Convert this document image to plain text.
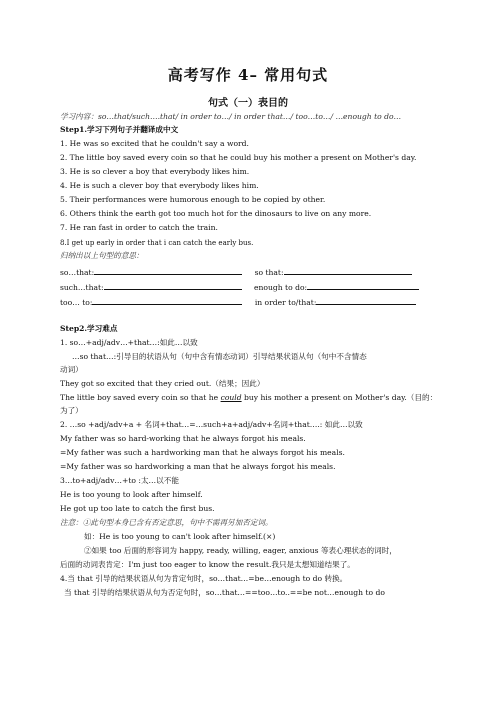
高考写作 4– 常用句式
句式（一）表目的
学习内容：so…that/such….that/ in order to…/ in order that…/ too…to…/ …enough to do…
Step1.学习下列句子并翻译成中文
1. He was so excited that he couldn't say a word.
2. The little boy saved every coin so that he could buy his mother a present on Mother's day.
3. He is so clever a boy that everybody likes him.
4. He is such a clever boy that everybody likes him.
5. Their performances were humorous enough to be copied by other.
6. Others think the earth got too much hot for the dinosaurs to live on any more.
7. He ran fast in order to catch the train.
8.I get up early in order that i can catch the early bus.
归纳出以上句型的意思：
so…that:	so that:
such…that:	enough to do:
too… to:	in order to/that:
Step2.学习难点
1. so…+adj/adv…+that…:如此…以致
…so that…:引导目的状语从句（句中含有情态动词）引导结果状语从句（句中不含情态
动词）
They got so excited that they cried out.（结果；因此）
The little boy saved every coin so that he could buy his mother a present on Mother's day.（目的：
为了）
2. …so +adj/adv+a + 名词+that…=…such+a+adj/adv+名词+that….: 如此…以致
My father was so hard-working that he always forgot his meals.
=My father was such a hardworking man that he always forgot his meals.
=My father was so hardworking a man that he always forgot his meals.
3…to+adj/adv…+to :太…以不能
He is too young to look after himself.
He got up too late to catch the first bus.
注意：①此句型本身已含有否定意思，句中不需再另加否定词。
如：He is too young to can't look after himself.(×)
②如果 too 后面的形容词为 happy, ready, willing, eager, anxious 等表心理状态的词时，
后面的动词表肯定：I'm just too eager to know the result.我只是太想知道结果了。
4.当 that 引导的结果状语从句为肯定句时，so…that…=be…enough to do 转换。
当 that 引导的结果状语从句为否定句时，so…that…==too…to..==be not…enough to do
